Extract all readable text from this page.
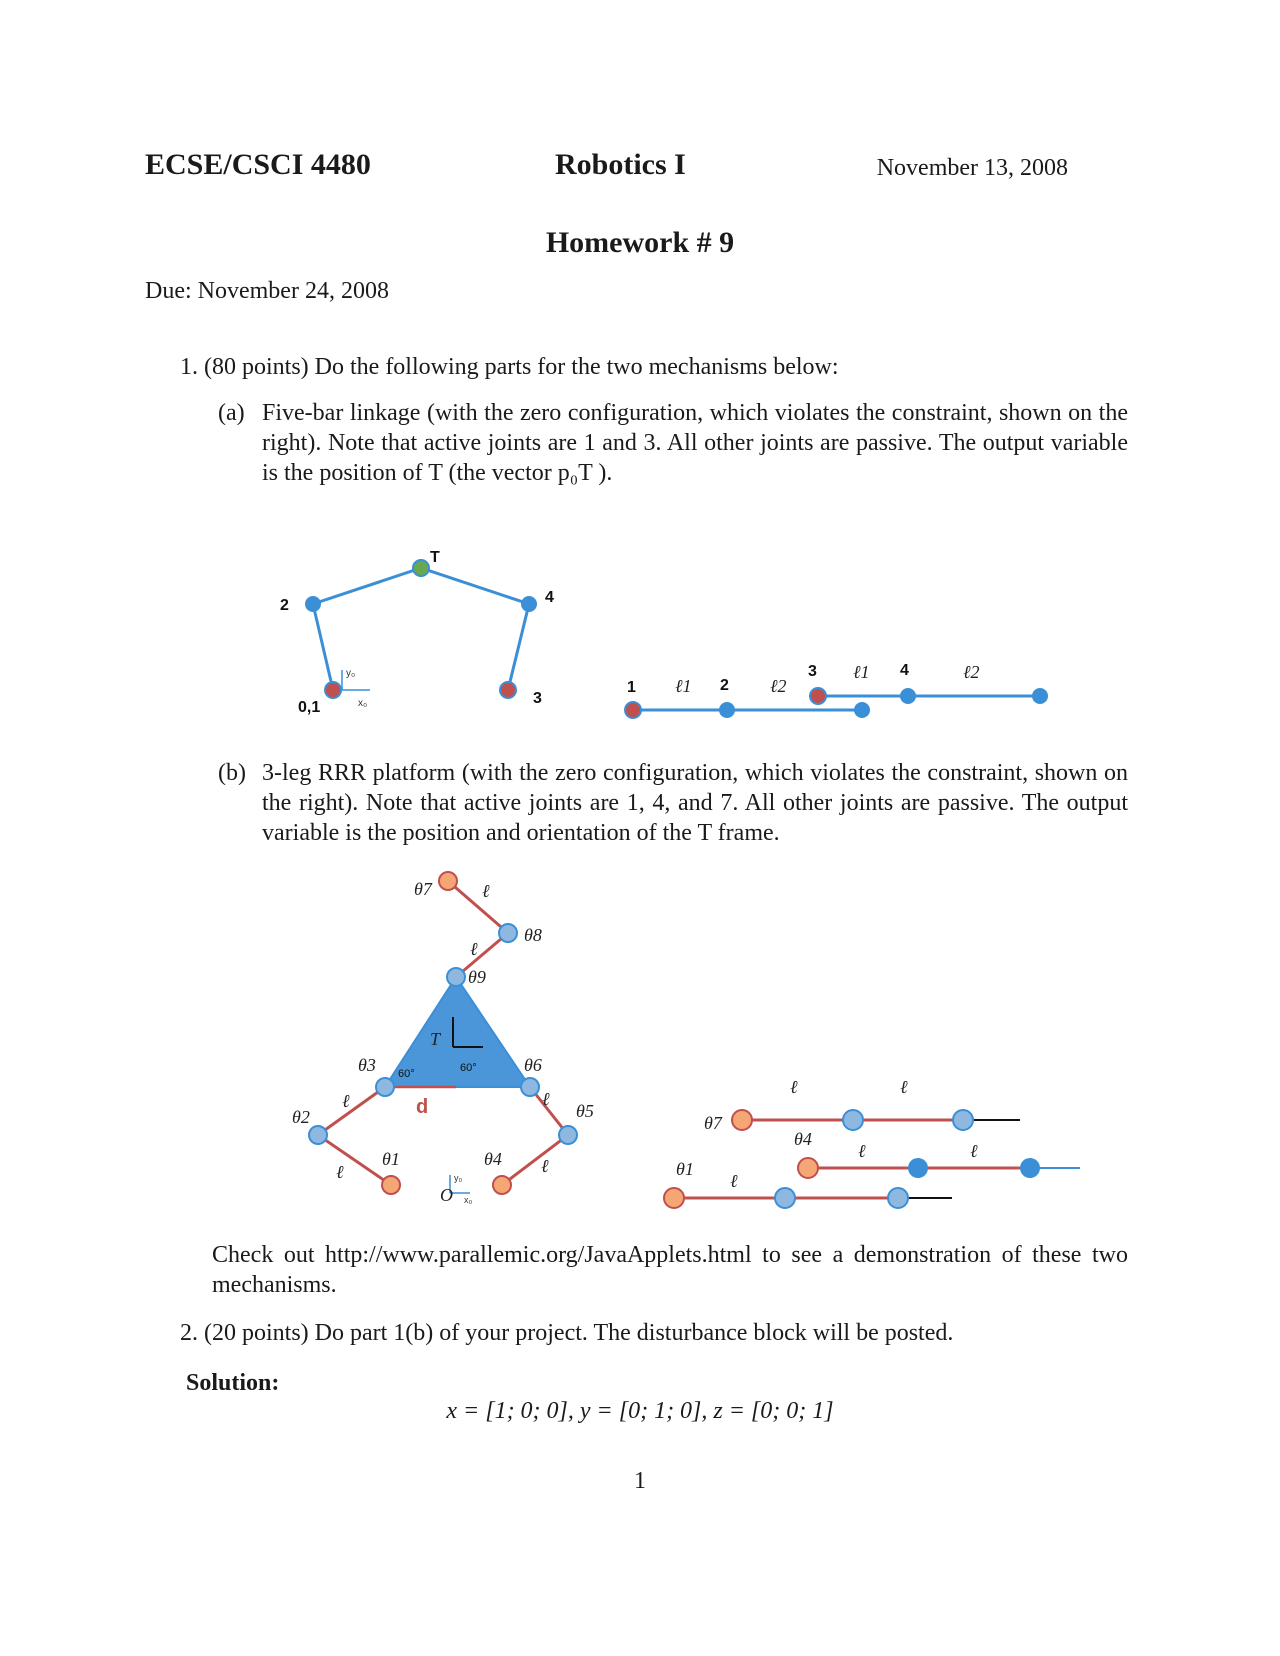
ECSE/CSCI 4480	Robotics I	November 13, 2008
Homework # 9
Due: November 24, 2008
1. (80 points) Do the following parts for the two mechanisms below:
(a) Five-bar linkage (with the zero configuration, which violates the constraint, shown on the right). Note that active joints are 1 and 3. All other joints are passive. The output variable is the position of T (the vector p₀T ).
2
T
4
0,1
3
y₀
x₀
1 ℓ1 2 ℓ2
3 ℓ1 4	ℓ2
(b) 3-leg RRR platform (with the zero configuration, which violates the constraint, shown on the right). Note that active joints are 1, 4, and 7. All other joints are passive. The output variable is the position and orientation of the T frame.
θ7	ℓ
θ8
ℓ
θ9
T
θ3 60°	60°	θ6
ℓ	d	ℓ
θ5
θ2
θ1	θ4
ℓ	ℓ
O
y₀
x₀
θ7
ℓ	ℓ
θ4
ℓ	ℓ
θ1
ℓ
Check out http://www.parallemic.org/JavaApplets.html to see a demonstration of these two mechanisms.
2. (20 points) Do part 1(b) of your project. The disturbance block will be posted.
Solution:
x = [1; 0; 0], y = [0; 1; 0], z = [0; 0; 1]
1
